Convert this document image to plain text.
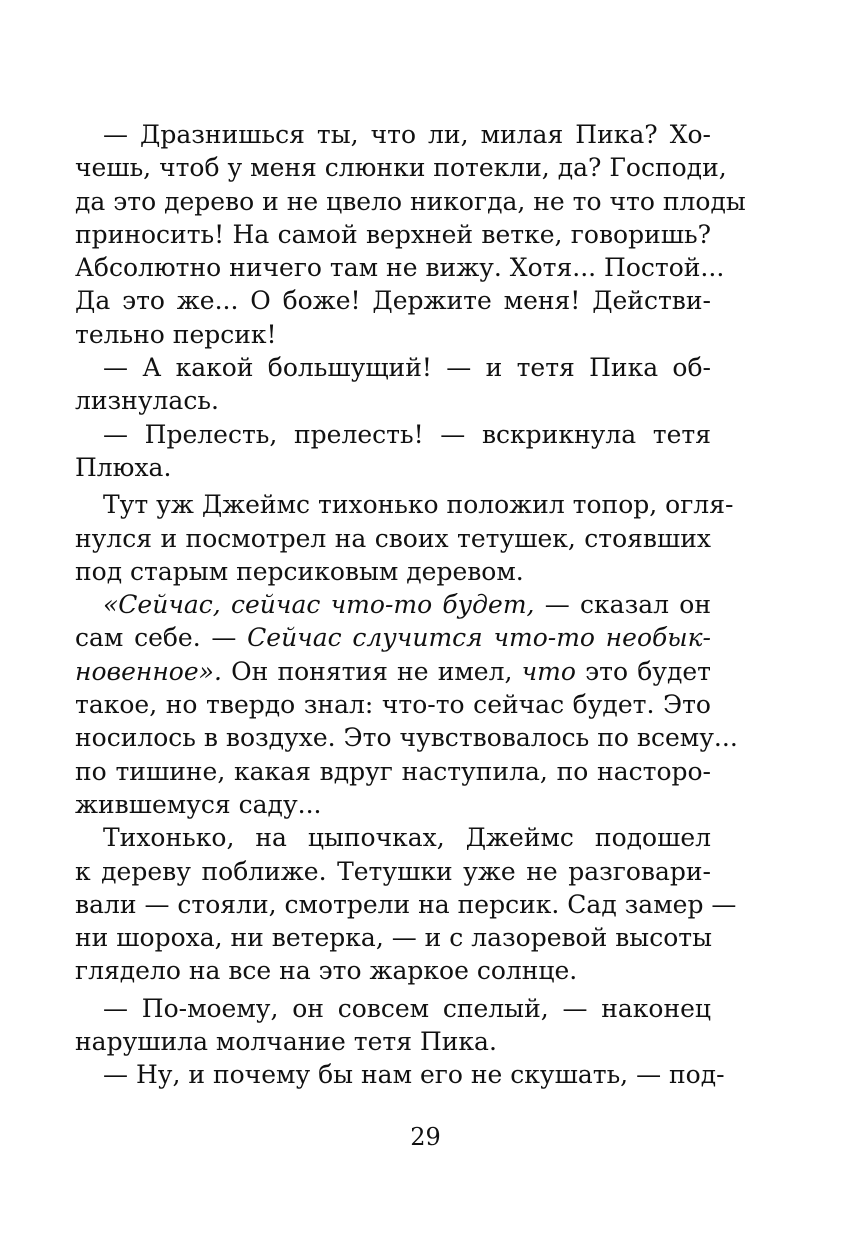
— Дразнишься ты, что ли, милая Пика? Хо-
чешь, чтоб у меня слюнки потекли, да? Господи,
да это дерево и не цвело никогда, не то что плоды
приносить! На самой верхней ветке, говоришь?
Абсолютно ничего там не вижу. Хотя... Постой...
Да это же... О боже! Держите меня! Действи-
тельно персик!
— А какой большущий! — и тетя Пика об-
лизнулась.
— Прелесть, прелесть! — вскрикнула тетя
Плюха.
Тут уж Джеймс тихонько положил топор, огля-
нулся и посмотрел на своих тетушек, стоявших
под старым персиковым деревом.
«Сейчас, сейчас что-то будет, — сказал он
сам себе. — Сейчас случится что-то необык-
новенное». Он понятия не имел, что это будет
такое, но твердо знал: что-то сейчас будет. Это
носилось в воздухе. Это чувствовалось по всему...
по тишине, какая вдруг наступила, по насторо-
жившемуся саду...
Тихонько, на цыпочках, Джеймс подошел
к дереву поближе. Тетушки уже не разговари-
вали — стояли, смотрели на персик. Сад замер —
ни шороха, ни ветерка, — и с лазоревой высоты
глядело на все на это жаркое солнце.
— По-моему, он совсем спелый, — наконец
нарушила молчание тетя Пика.
— Ну, и почему бы нам его не скушать, — под-
29
